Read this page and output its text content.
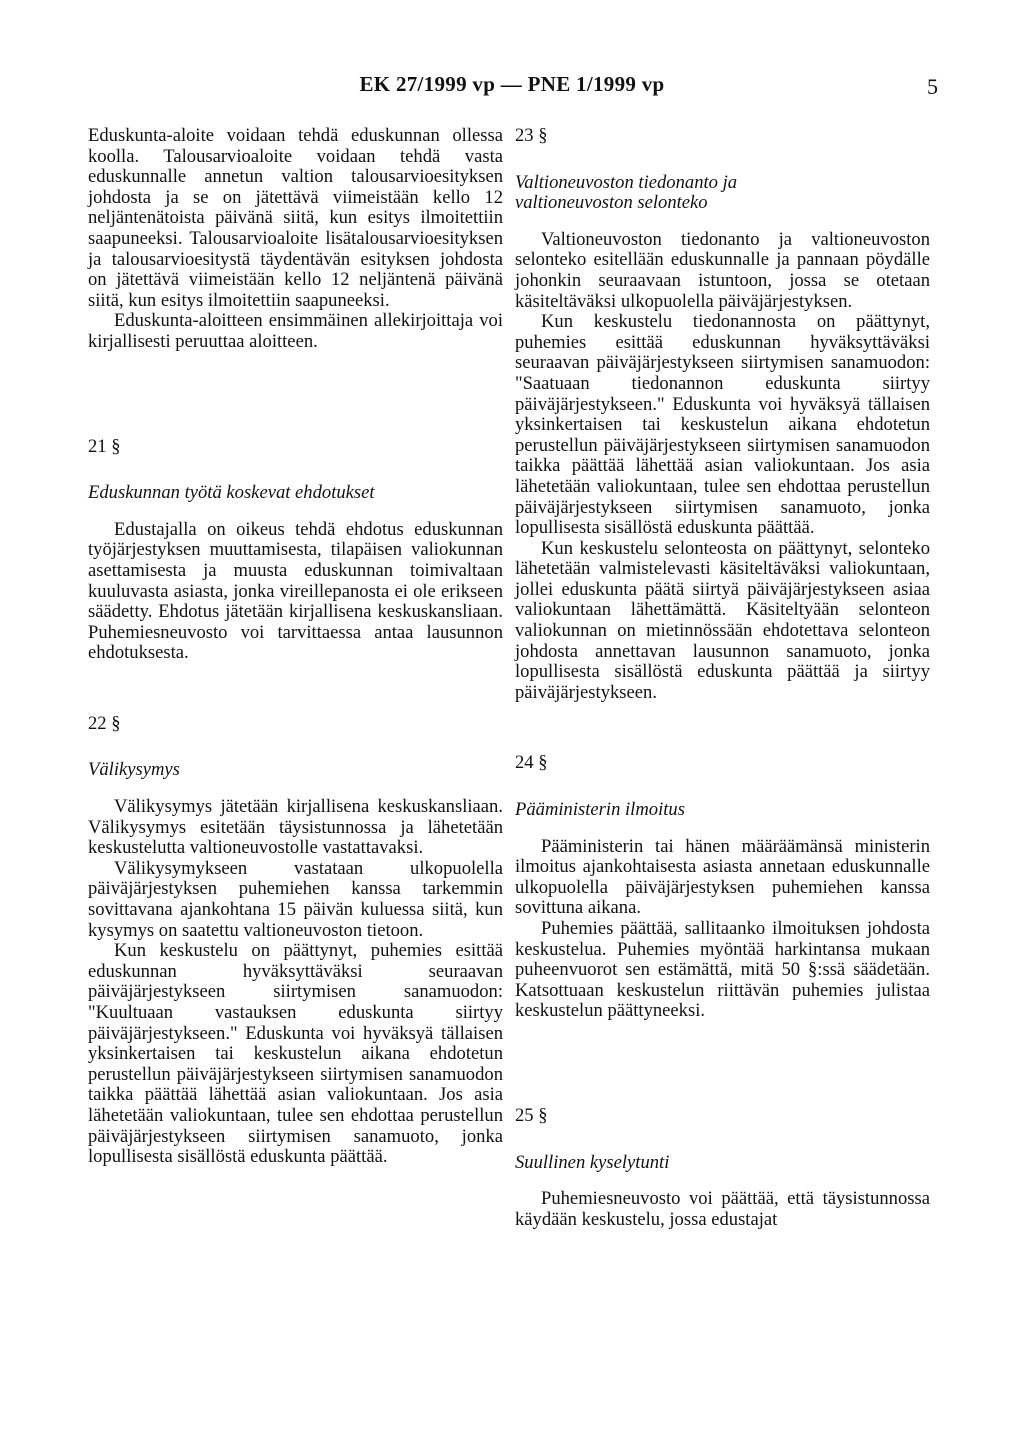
EK 27/1999 vp — PNE 1/1999 vp	5

Eduskunta-aloite voidaan tehdä eduskunnan ollessa koolla. Talousarvioaloite voidaan tehdä vasta eduskunnalle annetun valtion talousarvioesityksen johdosta ja se on jätettävä viimeistään kello 12 neljäntenätoista päivänä siitä, kun esitys ilmoitettiin saapuneeksi. Talousarvioaloite lisätalousarvioesityksen ja talousarvioesitystä täydentävän esityksen johdosta on jätettävä viimeistään kello 12 neljäntenä päivänä siitä, kun esitys ilmoitettiin saapuneeksi.

Eduskunta-aloitteen ensimmäinen allekirjoittaja voi kirjallisesti peruuttaa aloitteen.

21 §

Eduskunnan työtä koskevat ehdotukset

Edustajalla on oikeus tehdä ehdotus eduskunnan työjärjestyksen muuttamisesta, tilapäisen valiokunnan asettamisesta ja muusta eduskunnan toimivaltaan kuuluvasta asiasta, jonka vireillepanosta ei ole erikseen säädetty. Ehdotus jätetään kirjallisena keskuskansliaan. Puhemiesneuvosto voi tarvittaessa antaa lausunnon ehdotuksesta.

22 §

Välikysymys

Välikysymys jätetään kirjallisena keskuskansliaan. Välikysymys esitetään täysistunnossa ja lähetetään keskustelutta valtioneuvostolle vastattavaksi.

Välikysymykseen vastataan ulkopuolella päiväjärjestyksen puhemiehen kanssa tarkemmin sovittavana ajankohtana 15 päivän kuluessa siitä, kun kysymys on saatettu valtioneuvoston tietoon.

Kun keskustelu on päättynyt, puhemies esittää eduskunnan hyväksyttäväksi seuraavan päiväjärjestykseen siirtymisen sanamuodon: "Kuultuaan vastauksen eduskunta siirtyy päiväjärjestykseen." Eduskunta voi hyväksyä tällaisen yksinkertaisen tai keskustelun aikana ehdotetun perustellun päiväjärjestykseen siirtymisen sanamuodon taikka päättää lähettää asian valiokuntaan. Jos asia lähetetään valiokuntaan, tulee sen ehdottaa perustellun päiväjärjestykseen siirtymisen sanamuoto, jonka lopullisesta sisällöstä eduskunta päättää.

23 §

Valtioneuvoston tiedonanto ja
valtioneuvoston selonteko

Valtioneuvoston tiedonanto ja valtioneuvoston selonteko esitellään eduskunnalle ja pannaan pöydälle johonkin seuraavaan istuntoon, jossa se otetaan käsiteltäväksi ulkopuolella päiväjärjestyksen.

Kun keskustelu tiedonannosta on päättynyt, puhemies esittää eduskunnan hyväksyttäväksi seuraavan päiväjärjestykseen siirtymisen sanamuodon: "Saatuaan tiedonannon eduskunta siirtyy päiväjärjestykseen." Eduskunta voi hyväksyä tällaisen yksinkertaisen tai keskustelun aikana ehdotetun perustellun päiväjärjestykseen siirtymisen sanamuodon taikka päättää lähettää asian valiokuntaan. Jos asia lähetetään valiokuntaan, tulee sen ehdottaa perustellun päiväjärjestykseen siirtymisen sanamuoto, jonka lopullisesta sisällöstä eduskunta päättää.

Kun keskustelu selonteosta on päättynyt, selonteko lähetetään valmistelevasti käsiteltäväksi valiokuntaan, jollei eduskunta päätä siirtyä päiväjärjestykseen asiaa valiokuntaan lähettämättä. Käsiteltyään selonteon valiokunnan on mietinnössään ehdotettava selonteon johdosta annettavan lausunnon sanamuoto, jonka lopullisesta sisällöstä eduskunta päättää ja siirtyy päiväjärjestykseen.

24 §

Pääministerin ilmoitus

Pääministerin tai hänen määräämänsä ministerin ilmoitus ajankohtaisesta asiasta annetaan eduskunnalle ulkopuolella päiväjärjestyksen puhemiehen kanssa sovittuna aikana.

Puhemies päättää, sallitaanko ilmoituksen johdosta keskustelua. Puhemies myöntää harkintansa mukaan puheenvuorot sen estämättä, mitä 50 §:ssä säädetään. Katsottuaan keskustelun riittävän puhemies julistaa keskustelun päättyneeksi.

25 §

Suullinen kyselytunti

Puhemiesneuvosto voi päättää, että täysistunnossa käydään keskustelu, jossa edustajat
